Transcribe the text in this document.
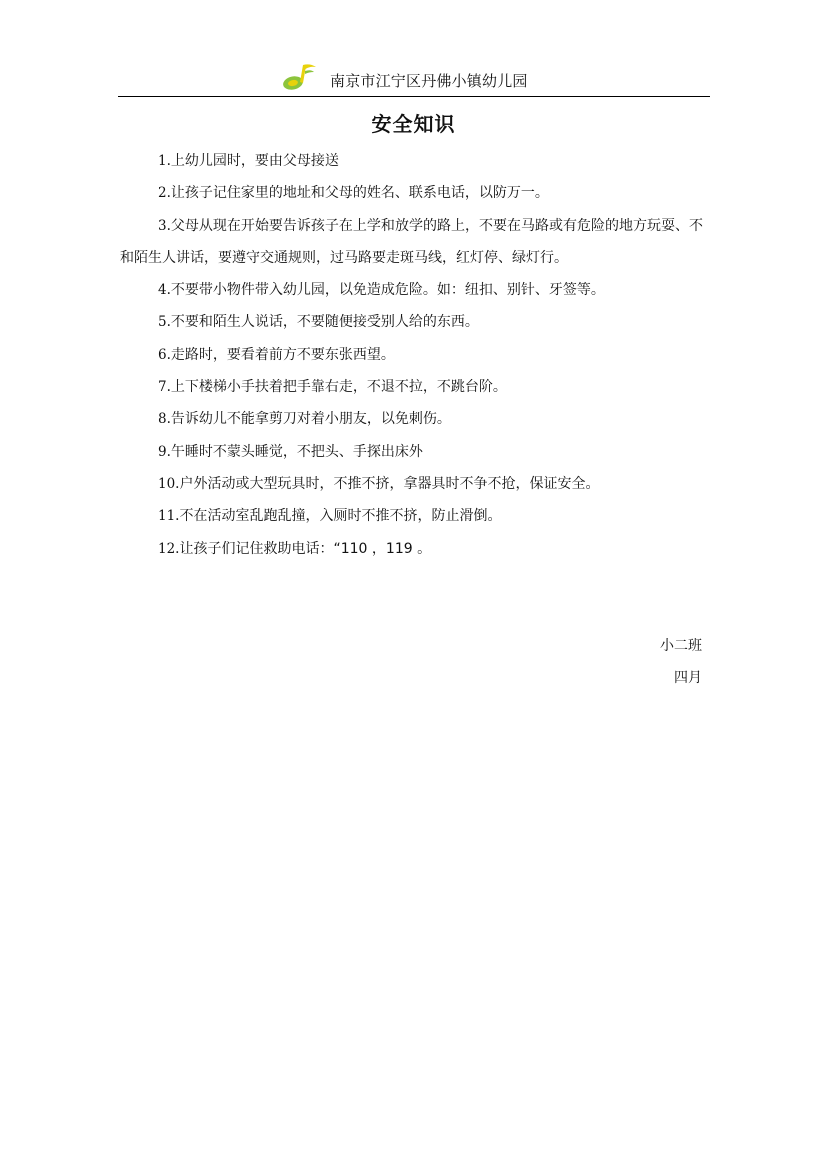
南京市江宁区丹佛小镇幼儿园
安全知识

1.上幼儿园时，要由父母接送

2.让孩子记住家里的地址和父母的姓名、联系电话，以防万一。

3.父母从现在开始要告诉孩子在上学和放学的路上，不要在马路或有危险的地方玩耍、不和陌生人讲话，要遵守交通规则，过马路要走斑马线，红灯停、绿灯行。

4.不要带小物件带入幼儿园，以免造成危险。如：纽扣、别针、牙签等。

5.不要和陌生人说话，不要随便接受别人给的东西。

6.走路时，要看着前方不要东张西望。

7.上下楼梯小手扶着把手靠右走，不退不拉，不跳台阶。

8.告诉幼儿不能拿剪刀对着小朋友，以免刺伤。

9.午睡时不蒙头睡觉，不把头、手探出床外

10.户外活动或大型玩具时，不推不挤，拿器具时不争不抢，保证安全。

11.不在活动室乱跑乱撞，入厕时不推不挤，防止滑倒。

12.让孩子们记住救助电话：“110 ，119 。

小二班
四月
